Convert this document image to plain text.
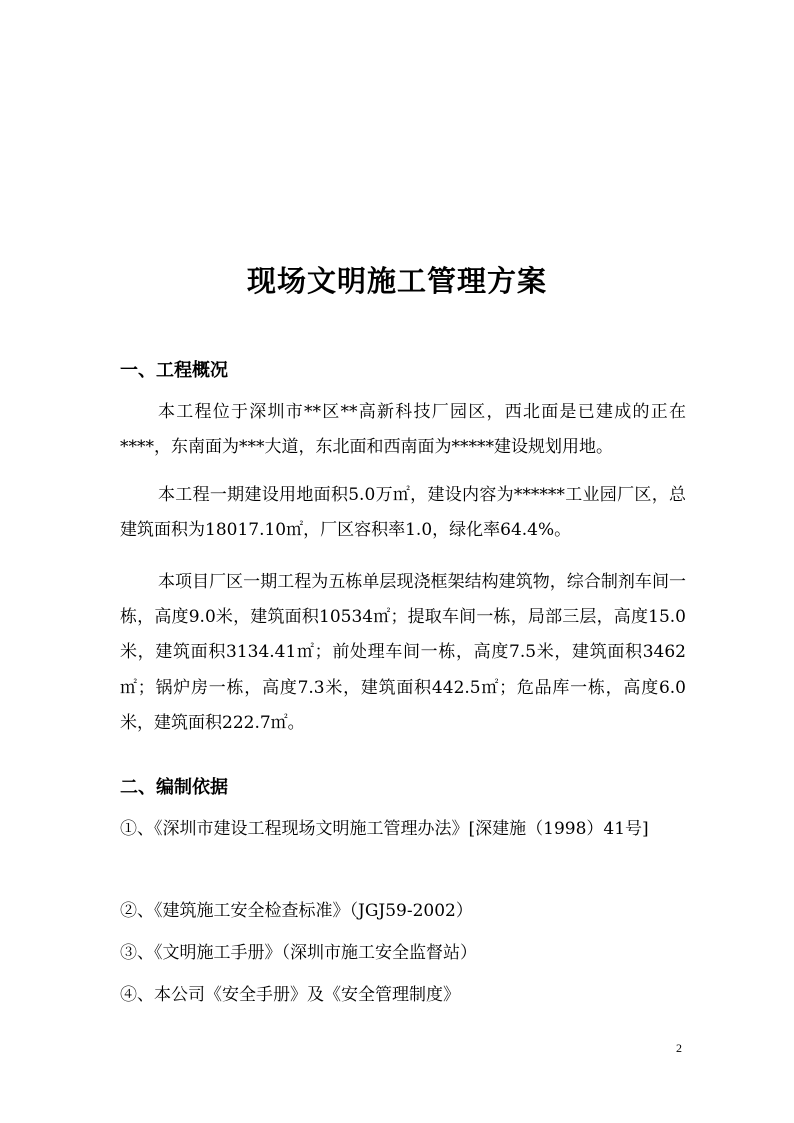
现场文明施工管理方案
一、工程概况

本工程位于深圳市**区**高新科技厂园区，西北面是已建成的正在****，东南面为***大道，东北面和西南面为*****建设规划用地。

本工程一期建设用地面积5.0万㎡，建设内容为******工业园厂区，总建筑面积为18017.10㎡，厂区容积率1.0，绿化率64.4%。

本项目厂区一期工程为五栋单层现浇框架结构建筑物，综合制剂车间一栋，高度9.0米，建筑面积10534㎡；提取车间一栋，局部三层，高度15.0米，建筑面积3134.41㎡；前处理车间一栋，高度7.5米，建筑面积3462㎡；锅炉房一栋，高度7.3米，建筑面积442.5㎡；危品库一栋，高度6.0米，建筑面积222.7㎡。

二、编制依据

①、《深圳市建设工程现场文明施工管理办法》[深建施（1998）41号]

②、《建筑施工安全检查标准》（JGJ59-2002）

③、《文明施工手册》（深圳市施工安全监督站）

④、本公司《安全手册》及《安全管理制度》

2
